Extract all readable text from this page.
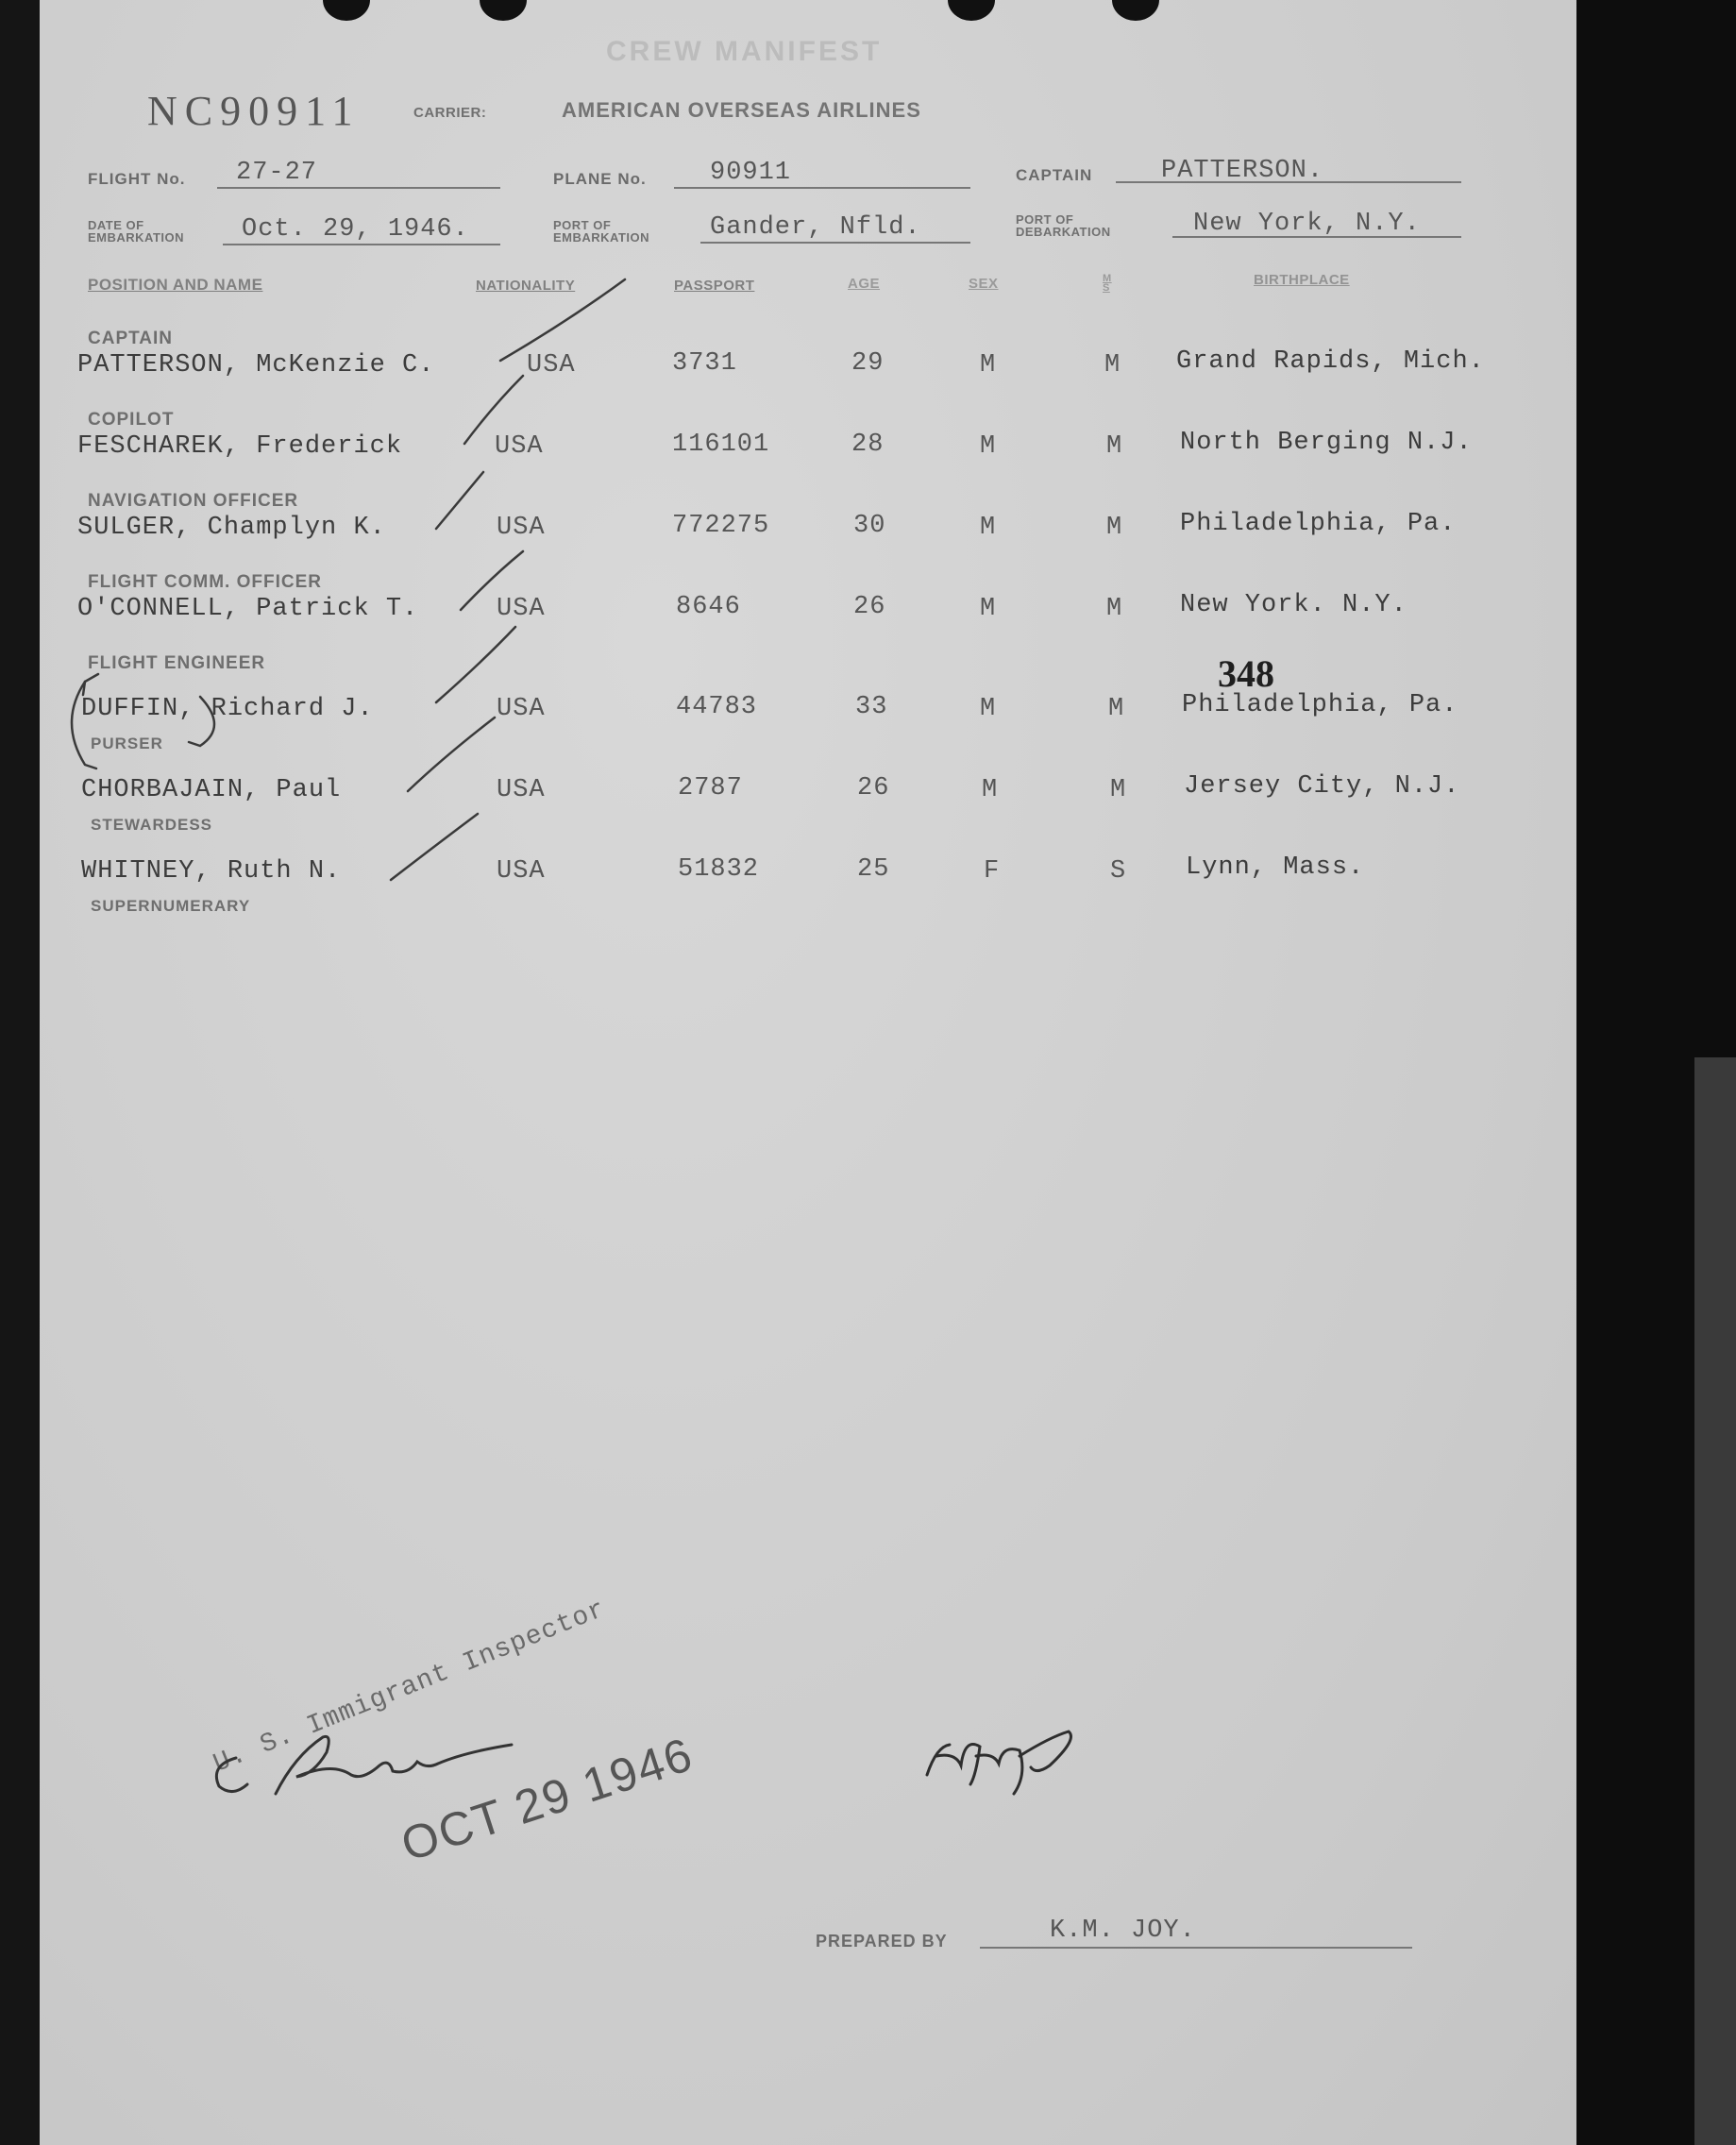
CREW MANIFEST
NC90911	CARRIER:	AMERICAN OVERSEAS AIRLINES
FLIGHT No. 27-27	PLANE No. 90911	CAPTAIN	PATTERSON.
DATE OF
EMBARKATION Oct. 29, 1946.	PORT OF
EMBARKATION Gander, Nfld.	PORT OF
DEBARKATION	New York, N.Y.
POSITION AND NAME	NATIONALITY	PASSPORT	AGE	SEX	M S	BIRTHPLACE
CAPTAIN
PATTERSON, McKenzie C.	USA	3731	29	M	M Grand Rapids, Mich.
COPILOT
FESCHAREK, Frederick	USA	116101	28	M	M North Berging N.J.
NAVIGATION OFFICER
SULGER, Champlyn K.	USA	772275	30	M	M Philadelphia, Pa.
FLIGHT COMM. OFFICER
O'CONNELL, Patrick T.	USA	8646	26	M	M New York. N.Y.
FLIGHT ENGINEER
DUFFIN, Richard J.	USA	44783	33	M	M Philadelphia, Pa.
PURSER
CHORBAJAIN, Paul	USA	2787	26	M	M Jersey City, N.J.
STEWARDESS
WHITNEY, Ruth N.	USA	51832	25	F	S Lynn, Mass.
SUPERNUMERARY
348
U. S. Immigrant Inspector
OCT 29 1946
PREPARED BY	K.M. JOY.
